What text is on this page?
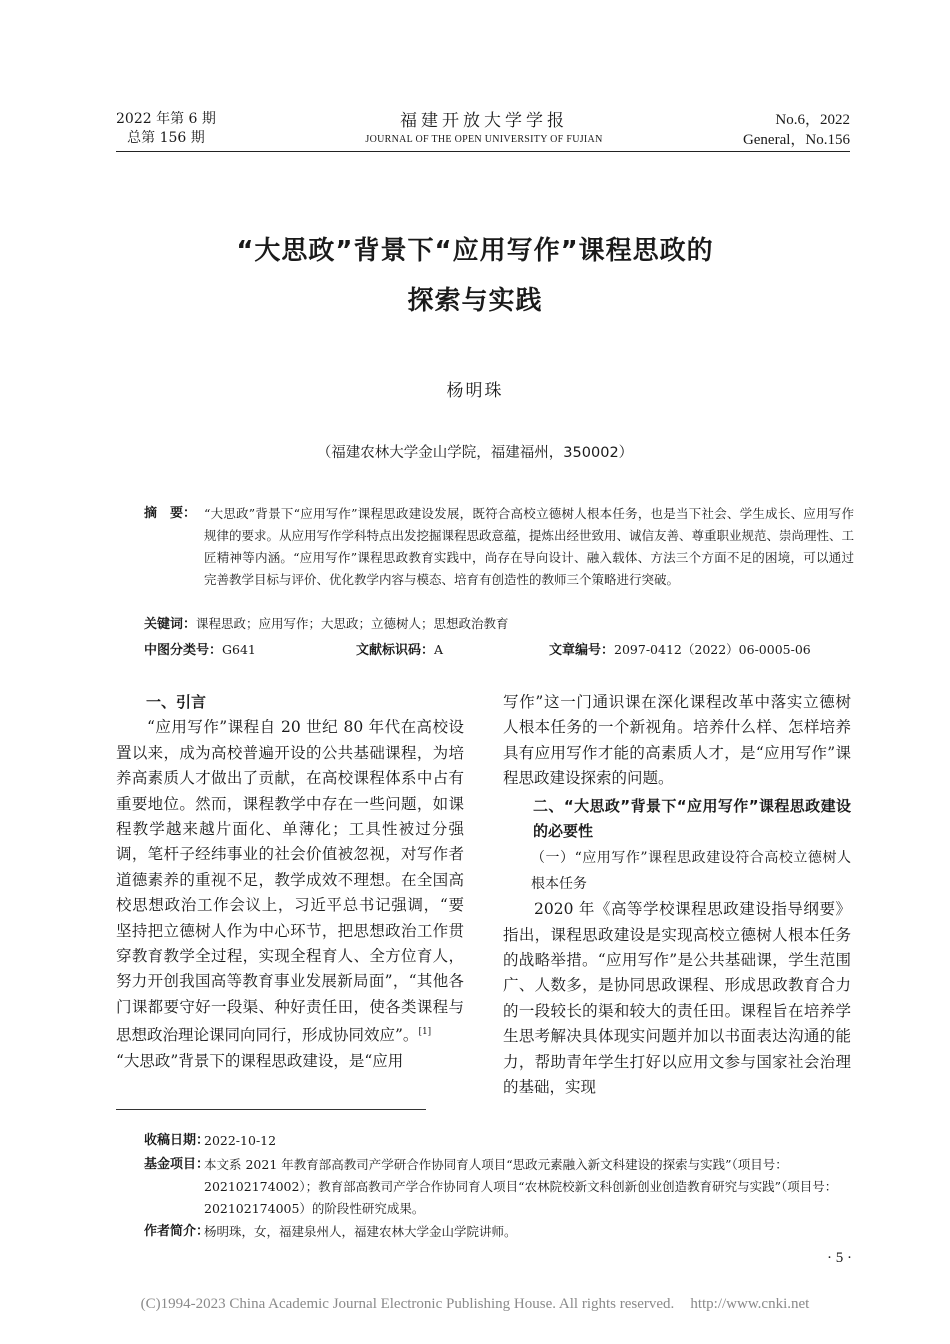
2022 年第 6 期
总第 156 期
福建开放大学学报
JOURNAL OF THE OPEN UNIVERSITY OF FUJIAN
No.6，2022
General，No.156
“大思政”背景下“应用写作”课程思政的
探索与实践
杨明珠
（福建农林大学金山学院，福建福州，350002）
摘　要： “大思政”背景下“应用写作”课程思政建设发展，既符合高校立德树人根本任务，也是当下社会、学生成长、应用写作规律的要求。从应用写作学科特点出发挖掘课程思政意蕴，提炼出经世致用、诚信友善、尊重职业规范、崇尚理性、工匠精神等内涵。“应用写作”课程思政教育实践中，尚存在导向设计、融入载体、方法三个方面不足的困境，可以通过完善教学目标与评价、优化教学内容与模态、培育有创造性的教师三个策略进行突破。
关键词：课程思政；应用写作；大思政；立德树人；思想政治教育
中图分类号：G641	文献标识码：A	文章编号：2097-0412（2022）06-0005-06
一、引言

“应用写作”课程自 20 世纪 80 年代在高校设置以来，成为高校普遍开设的公共基础课程，为培养高素质人才做出了贡献，在高校课程体系中占有重要地位。然而，课程教学中存在一些问题，如课程教学越来越片面化、单薄化；工具性被过分强调，笔杆子经纬事业的社会价值被忽视，对写作者道德素养的重视不足，教学成效不理想。在全国高校思想政治工作会议上，习近平总书记强调，“要坚持把立德树人作为中心环节，把思想政治工作贯穿教育教学全过程，实现全程育人、全方位育人，努力开创我国高等教育事业发展新局面”，“其他各门课都要守好一段渠、种好责任田，使各类课程与思想政治理论课同向同行，形成协同效应”。[1]

“大思政”背景下的课程思政建设，是“应用

写作”这一门通识课在深化课程改革中落实立德树人根本任务的一个新视角。培养什么样、怎样培养具有应用写作才能的高素质人才，是“应用写作”课程思政建设探索的问题。

二、“大思政”背景下“应用写作”课程思政建设的必要性
（一）“应用写作”课程思政建设符合高校立德树人根本任务

2020 年《高等学校课程思政建设指导纲要》指出，课程思政建设是实现高校立德树人根本任务的战略举措。“应用写作”是公共基础课，学生范围广、人数多，是协同思政课程、形成思政教育合力的一段较长的渠和较大的责任田。课程旨在培养学生思考解决具体现实问题并加以书面表达沟通的能力，帮助青年学生打好以应用文参与国家社会治理的基础，实现

收稿日期：
2022-10-12
基金项目：
本文系 2021 年教育部高教司产学研合作协同育人项目“思政元素融入新文科建设的探索与实践”（项目号：202102174002）；教育部高教司产学合作协同育人项目“农林院校新文科创新创业创造教育研究与实践”（项目号：202102174005）的阶段性研究成果。
作者简介：
杨明珠，女，福建泉州人，福建农林大学金山学院讲师。
· 5 ·
(C)1994-2023 China Academic Journal Electronic Publishing House. All rights reserved. http://www.cnki.net
